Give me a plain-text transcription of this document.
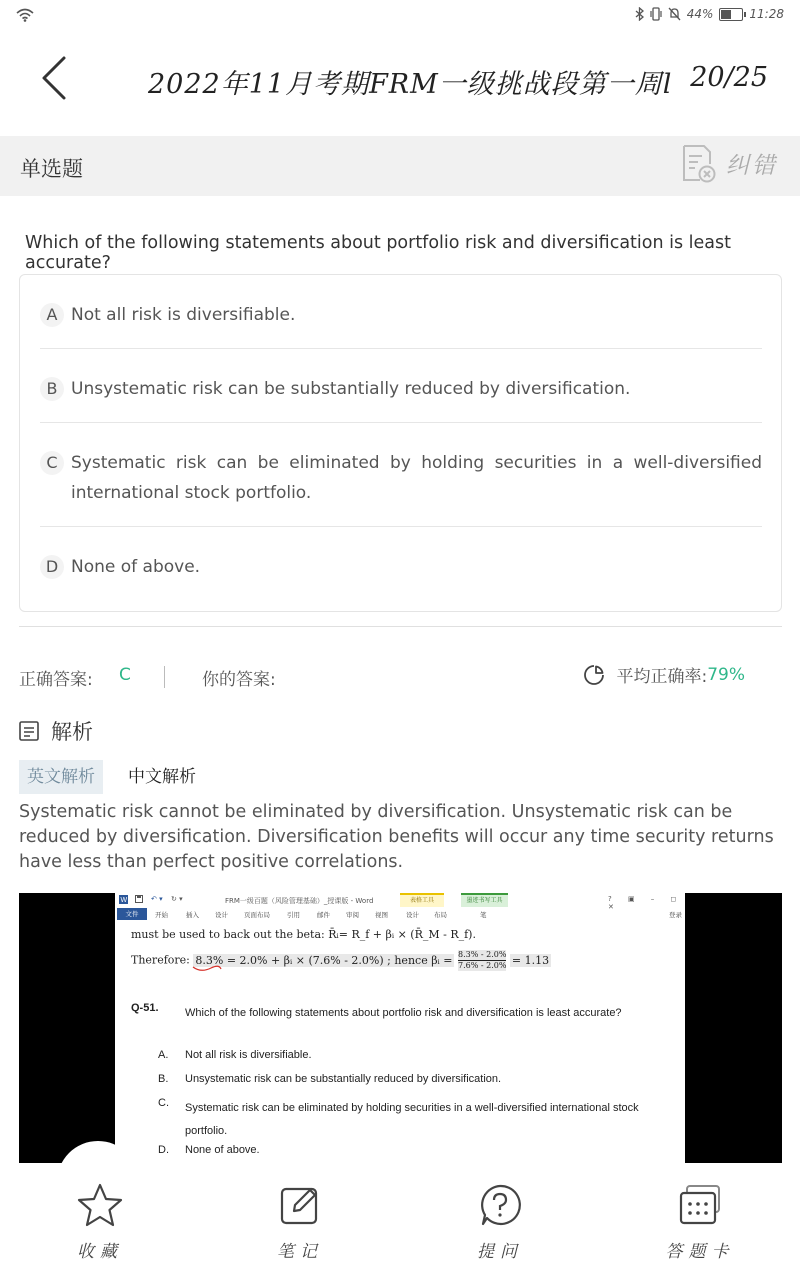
44%	11:28
2022年11月考期FRM一级挑战段第一周l 20/25
单选题	纠错
Which of the following statements about portfolio risk and diversification is least accurate?
A Not all risk is diversifiable.
B Unsystematic risk can be substantially reduced by diversification.
C Systematic risk can be eliminated by holding securities in a well-diversified international stock portfolio.
D None of above.
正确答案: C	你的答案:	平均正确率: 79%
解析
英文解析	中文解析
Systematic risk cannot be eliminated by diversification. Unsystematic risk can be reduced by diversification. Diversification benefits will occur any time security returns have less than perfect positive correlations.
W	↶ ▾ ↻ ▾	FRM一级百题（风险管理基础）_授课版 - Word	表格工具	墨迹书写工具	? ▣ – ◻ ✕
文件	开始	插入 设计 页面布局	引用	邮件 审阅 视图	设计 布局	笔	登录
must be used to back out the beta: R̄ᵢ= R_f + βᵢ × (R̄_M - R_f).
Therefore: 8.3% = 2.0% + βᵢ × (7.6% - 2.0%) ; hence βᵢ = $\frac{8.3\% - 2.0\%}{7.6\% - 2.0\%} = 1.13$
Q-51. Which of the following statements about portfolio risk and diversification is least accurate?
A. Not all risk is diversifiable.
B. Unsystematic risk can be substantially reduced by diversification.
C. Systematic risk can be eliminated by holding securities in a well-diversified international stock portfolio.
D. None of above.
收藏	笔记	提问	答题卡
